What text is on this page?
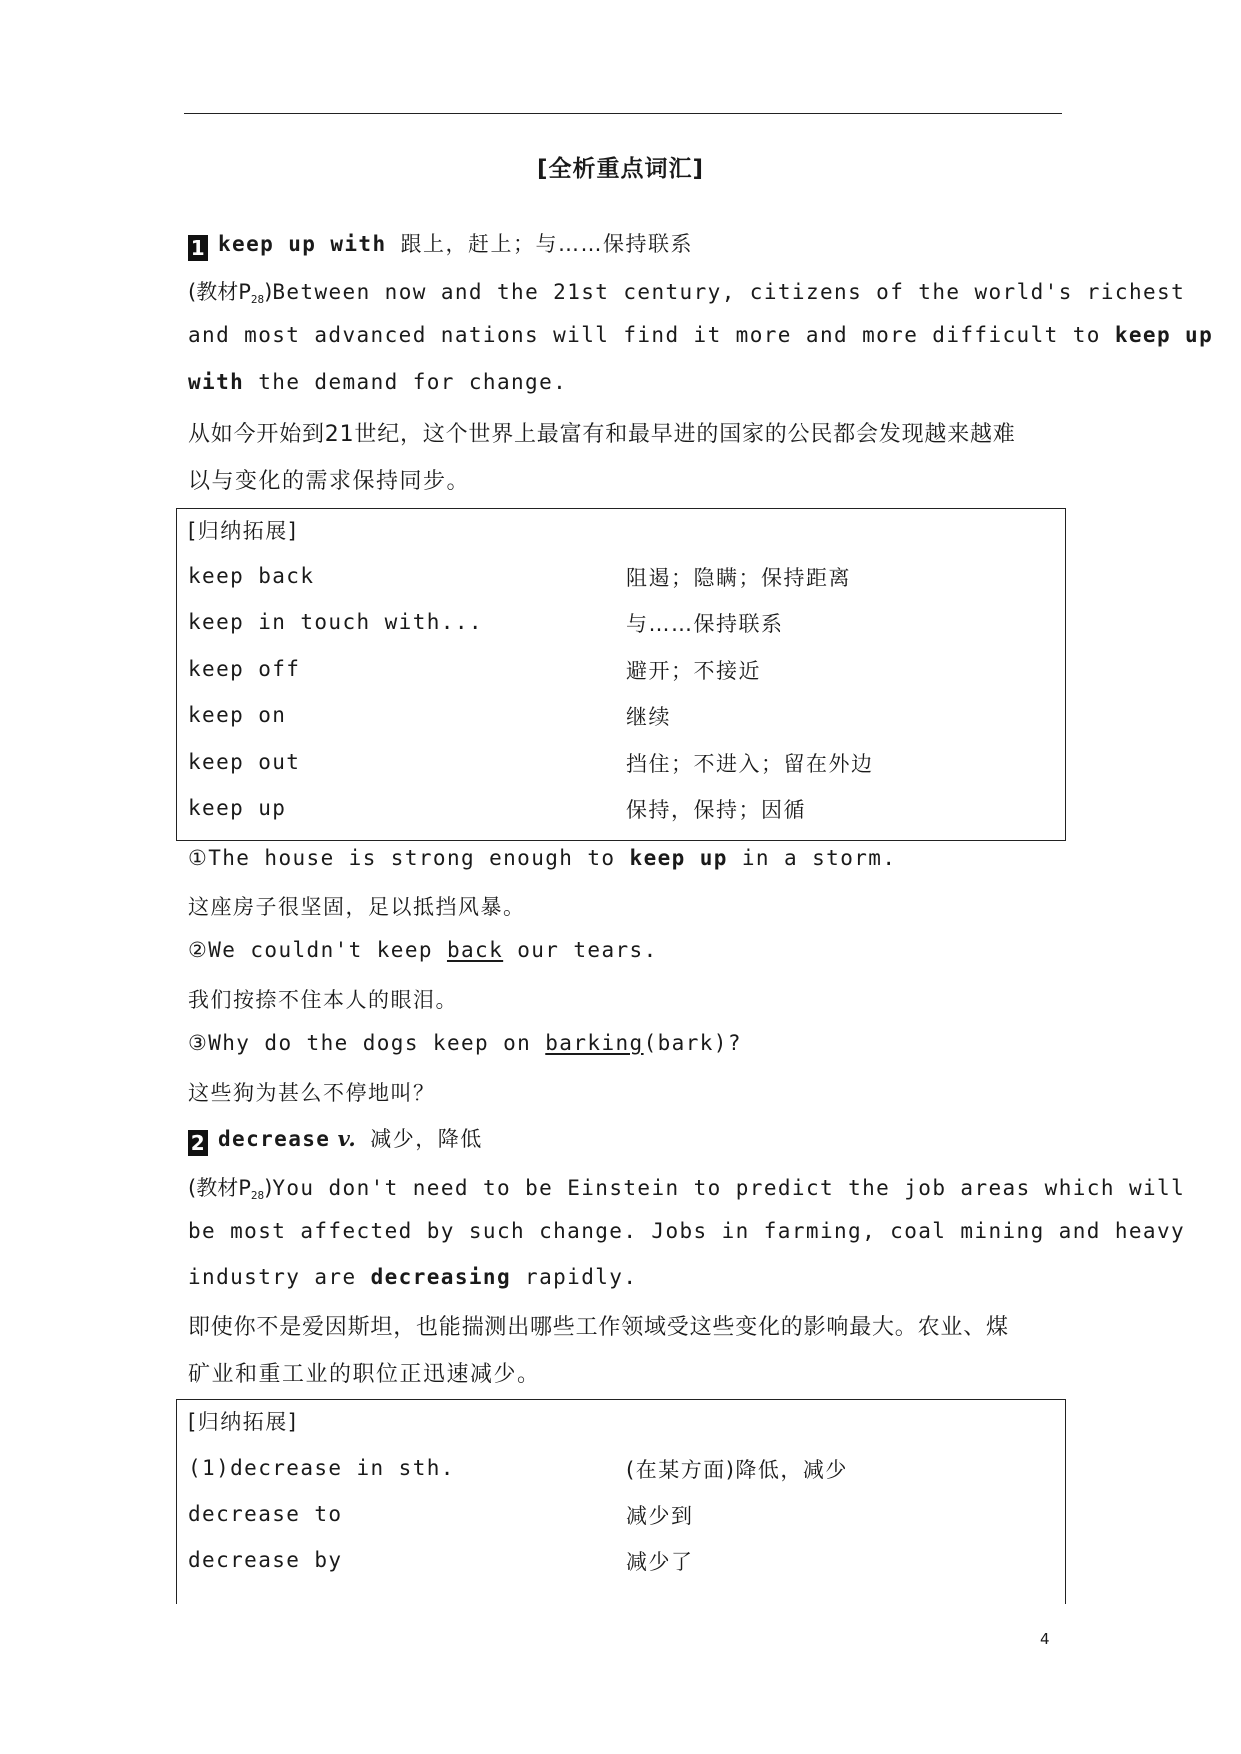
[全析重点词汇]
1 keep up with 跟上，赶上；与……保持联系
(教材$P_{28})Between$ now and the 21st century, citizens of the world's richest
and most advanced nations will find it more and more difficult to keep up
with the demand for change.
从如今开始到21世纪，这个世界上最富有和最早进的国家的公民都会发现越来越难
以与变化的需求保持同步。
[归纳拓展]
keep back	阻遏；隐瞒；保持距离
keep in touch with...	与……保持联系
keep off	避开；不接近
keep on	继续
keep out	挡住；不进入；留在外边
keep up	保持，保持；因循
①The house is strong enough to keep up in a storm.
这座房子很坚固，足以抵挡风暴。
②We couldn't keep back our tears.
我们按捺不住本人的眼泪。
③Why do the dogs keep on barking(bark)?
这些狗为甚么不停地叫？
2 decrease v. 减少，降低
(教材$P_{28})You$ don't need to be Einstein to predict the job areas which will
be most affected by such change. Jobs in farming, coal mining and heavy
industry are decreasing rapidly.
即使你不是爱因斯坦，也能揣测出哪些工作领域受这些变化的影响最大。农业、煤
矿业和重工业的职位正迅速减少。
[归纳拓展]
(1)decrease in sth.	(在某方面)降低，减少
decrease to	减少到
decrease by	减少了
4
